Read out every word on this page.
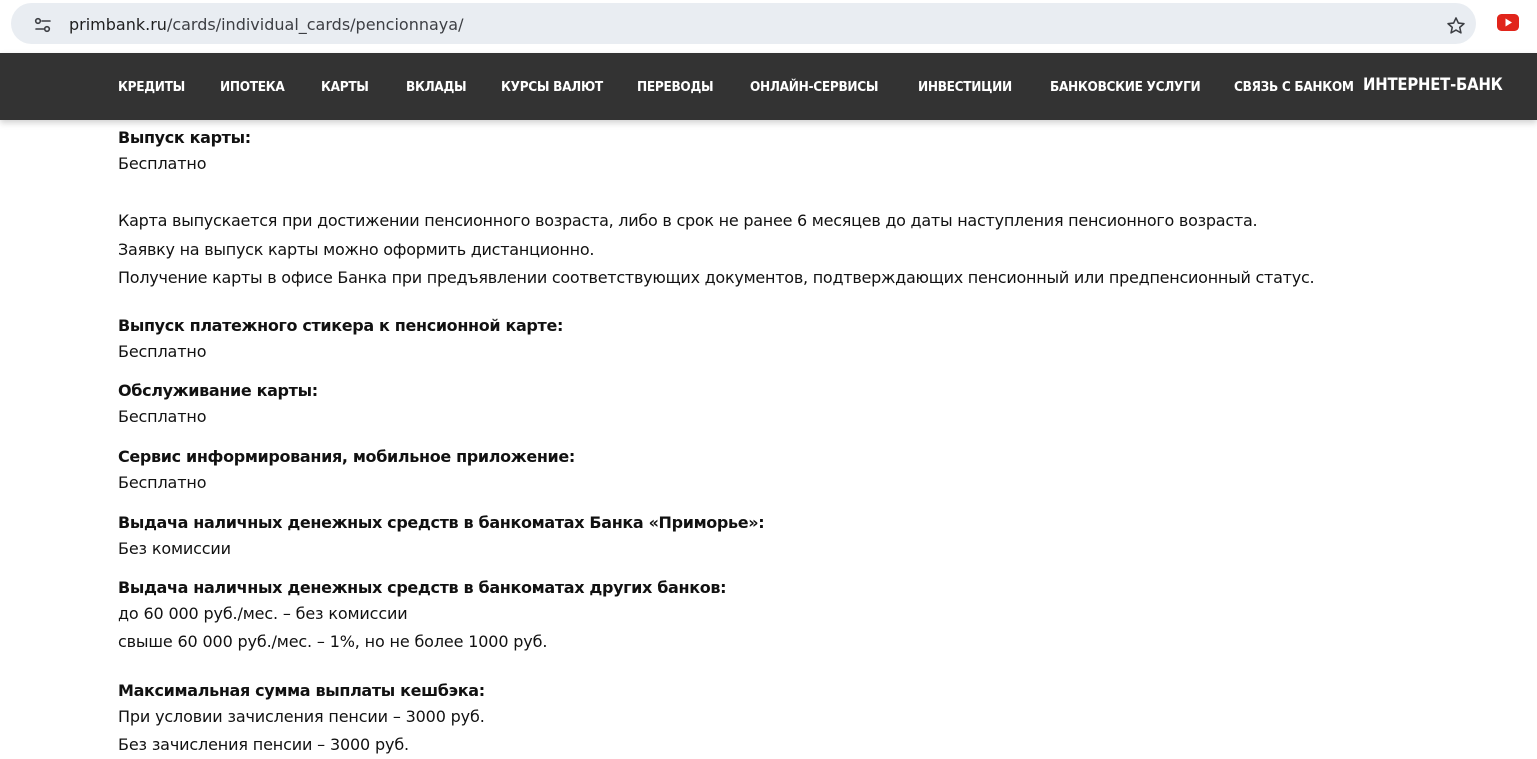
primbank.ru/cards/individual_cards/pencionnaya/
КРЕДИТЫ	ИПОТЕКА	КАРТЫ	ВКЛАДЫ	КУРСЫ ВАЛЮТ	ПЕРЕВОДЫ	ОНЛАЙН-СЕРВИСЫ	ИНВЕСТИЦИИ	БАНКОВСКИЕ УСЛУГИ СВЯЗЬ С БАНКОМ ИНТЕРНЕТ-БАНК
Выпуск карты:
Бесплатно
Карта выпускается при достижении пенсионного возраста, либо в срок не ранее 6 месяцев до даты наступления пенсионного возраста.
Заявку на выпуск карты можно оформить дистанционно.
Получение карты в офисе Банка при предъявлении соответствующих документов, подтверждающих пенсионный или предпенсионный статус.
Выпуск платежного стикера к пенсионной карте:
Бесплатно
Обслуживание карты:
Бесплатно
Сервис информирования, мобильное приложение:
Бесплатно
Выдача наличных денежных средств в банкоматах Банка «Приморье»:
Без комиссии
Выдача наличных денежных средств в банкоматах других банков:
до 60 000 руб./мес. – без комиссии
свыше 60 000 руб./мес. – 1%, но не более 1000 руб.
Максимальная сумма выплаты кешбэка:
При условии зачисления пенсии – 3000 руб.
Без зачисления пенсии – 3000 руб.
